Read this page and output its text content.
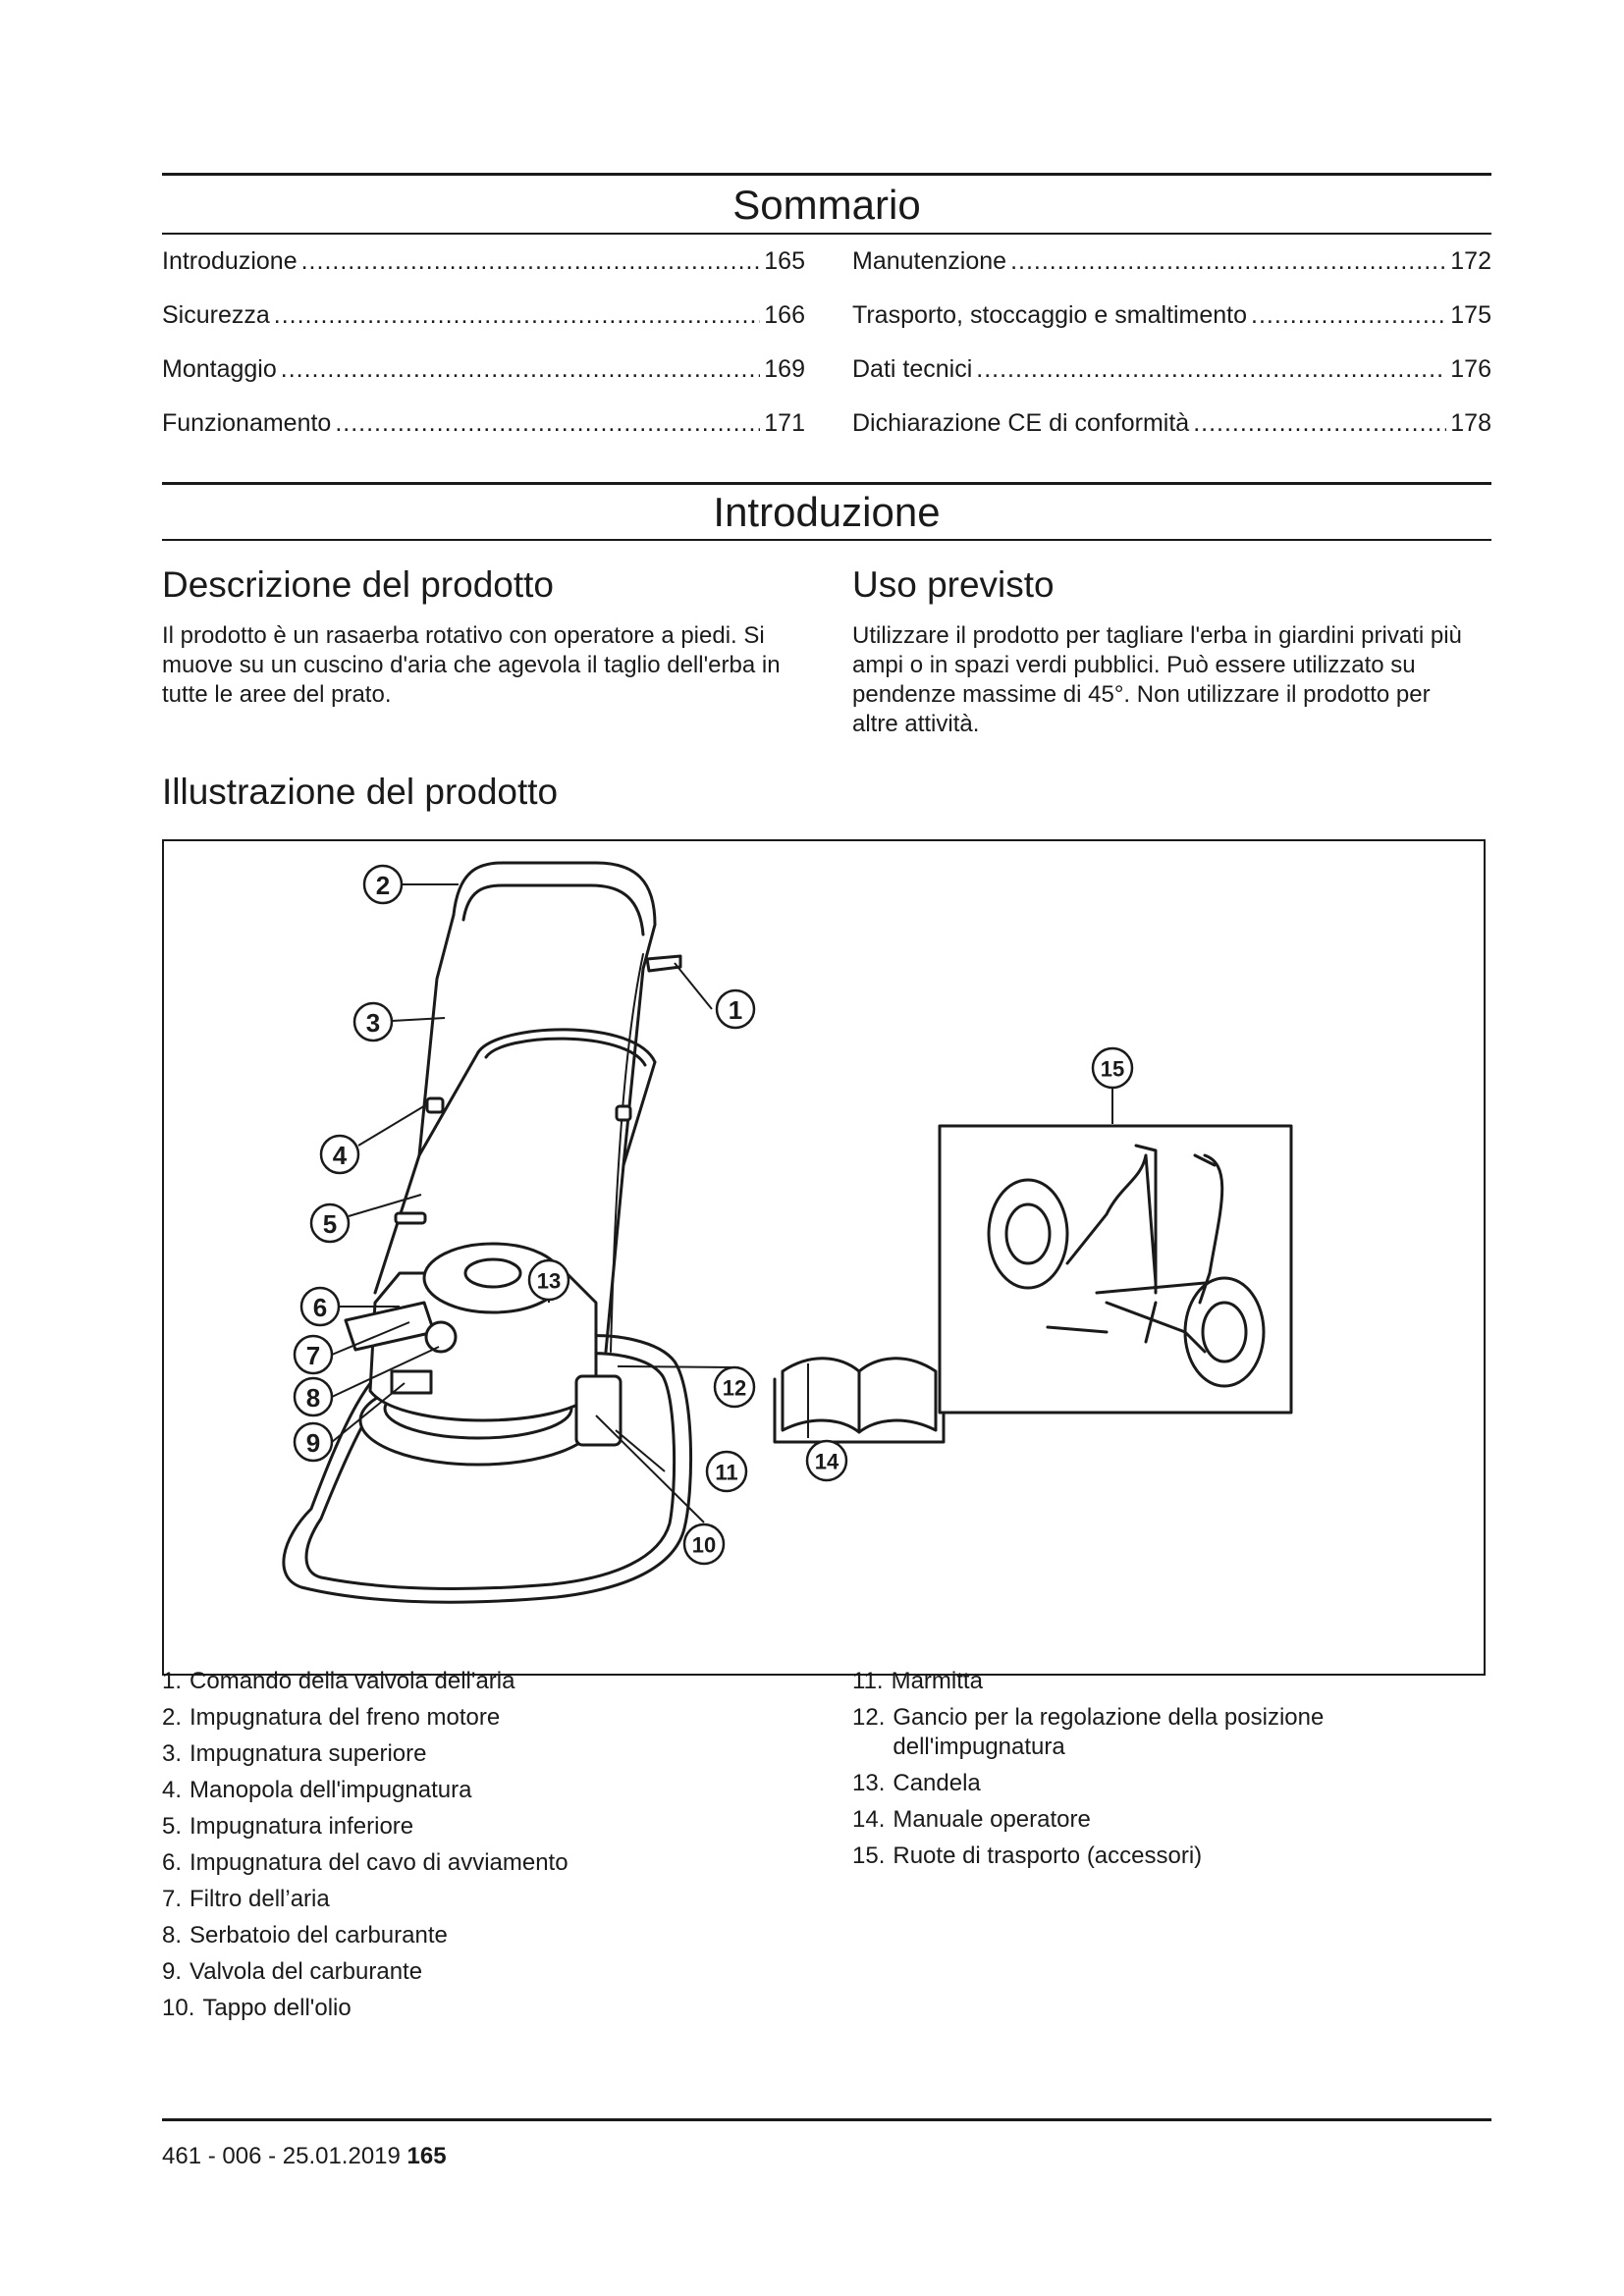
Sommario
Introduzione .....	165
Sicurezza .....	166
Montaggio .....	169
Funzionamento .....	171
Manutenzione .....	172
Trasporto, stoccaggio e smaltimento .....	175
Dati tecnici .....	176
Dichiarazione CE di conformità .....	178
Introduzione
Descrizione del prodotto

Il prodotto è un rasaerba rotativo con operatore a piedi. Si muove su un cuscino d'aria che agevola il taglio dell'erba in tutte le aree del prato.

Uso previsto

Utilizzare il prodotto per tagliare l'erba in giardini privati più ampi o in spazi verdi pubblici. Può essere utilizzato su pendenze massime di 45°. Non utilizzare il prodotto per altre attività.

Illustrazione del prodotto
1
2
3
4
5
6
7
8
9
10
11
12
13
14
15
1. Comando della valvola dell'aria
2. Impugnatura del freno motore
3. Impugnatura superiore
4. Manopola dell'impugnatura
5. Impugnatura inferiore
6. Impugnatura del cavo di avviamento
7. Filtro dell’aria
8. Serbatoio del carburante
9. Valvola del carburante
10. Tappo dell'olio
11. Marmitta
12. Gancio per la regolazione della posizione dell'impugnatura
13. Candela
14. Manuale operatore
15. Ruote di trasporto (accessori)
461 - 006 - 25.01.2019 165
